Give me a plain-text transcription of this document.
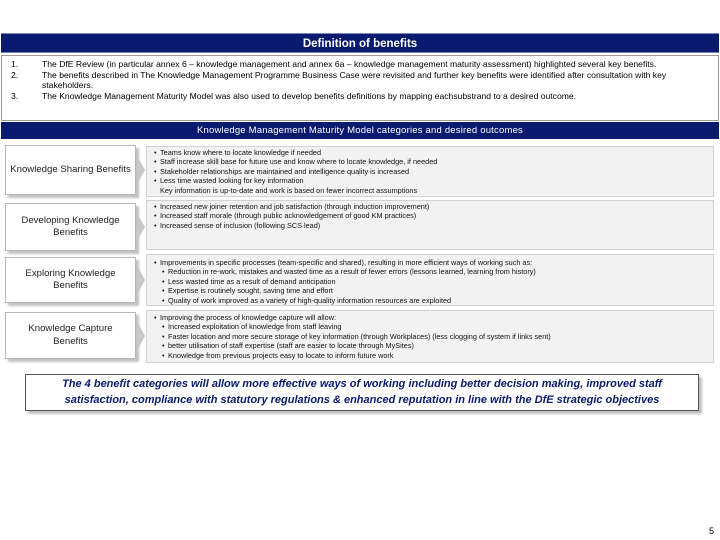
Definition of benefits
1.	The DfE Review (in particular annex 6 – knowledge management and annex 6a – knowledge management maturity assessment) highlighted several key benefits.
2.	The benefits described in The Knowledge Management Programme Business Case were revisited and further key benefits were identified after consultation with key stakeholders.
3.	The Knowledge Management Maturity Model was also used to develop benefits definitions by mapping eachsubstrand to a desired outcome.
Knowledge Management Maturity Model categories and desired outcomes
Knowledge Sharing Benefits
• Teams know where to locate knowledge if needed
• Staff increase skill base for future use and know where to locate knowledge, if needed
• Stakeholder relationships are maintained and intelligence quality is increased
• Less time wasted looking for key information
Key information is up-to-date and work is based on fewer incorrect assumptions
Developing Knowledge Benefits
• Increased new joiner retention and job satisfaction (through induction improvement)
• Increased staff morale (through public acknowledgement of good KM practices)
• Increased sense of inclusion (following SCS lead)
Exploring Knowledge Benefits
• Improvements in specific processes (team-specific and shared), resulting in more efficient ways of working such as:
• Reduction in re-work, mistakes and wasted time as a result of fewer errors (lessons learned, learning from history)
• Less wasted time as a result of demand anticipation
• Expertise is routinely sought, saving time and effort
• Quality of work improved as a variety of high-quality information resources are exploited
Knowledge Capture Benefits
• Improving the process of knowledge capture will allow:
• Increased exploitation of knowledge from staff leaving
• Faster location and more secure storage of key information (through Workplaces) (less clogging of system if links sent)
• better utilisation of staff expertise (staff are easier to locate through MySites)
• Knowledge from previous projects easy to locate to inform future work
The 4 benefit categories will allow more effective ways of working including better decision making, improved staff satisfaction, compliance with statutory regulations & enhanced reputation in line with the DfE strategic objectives
5
